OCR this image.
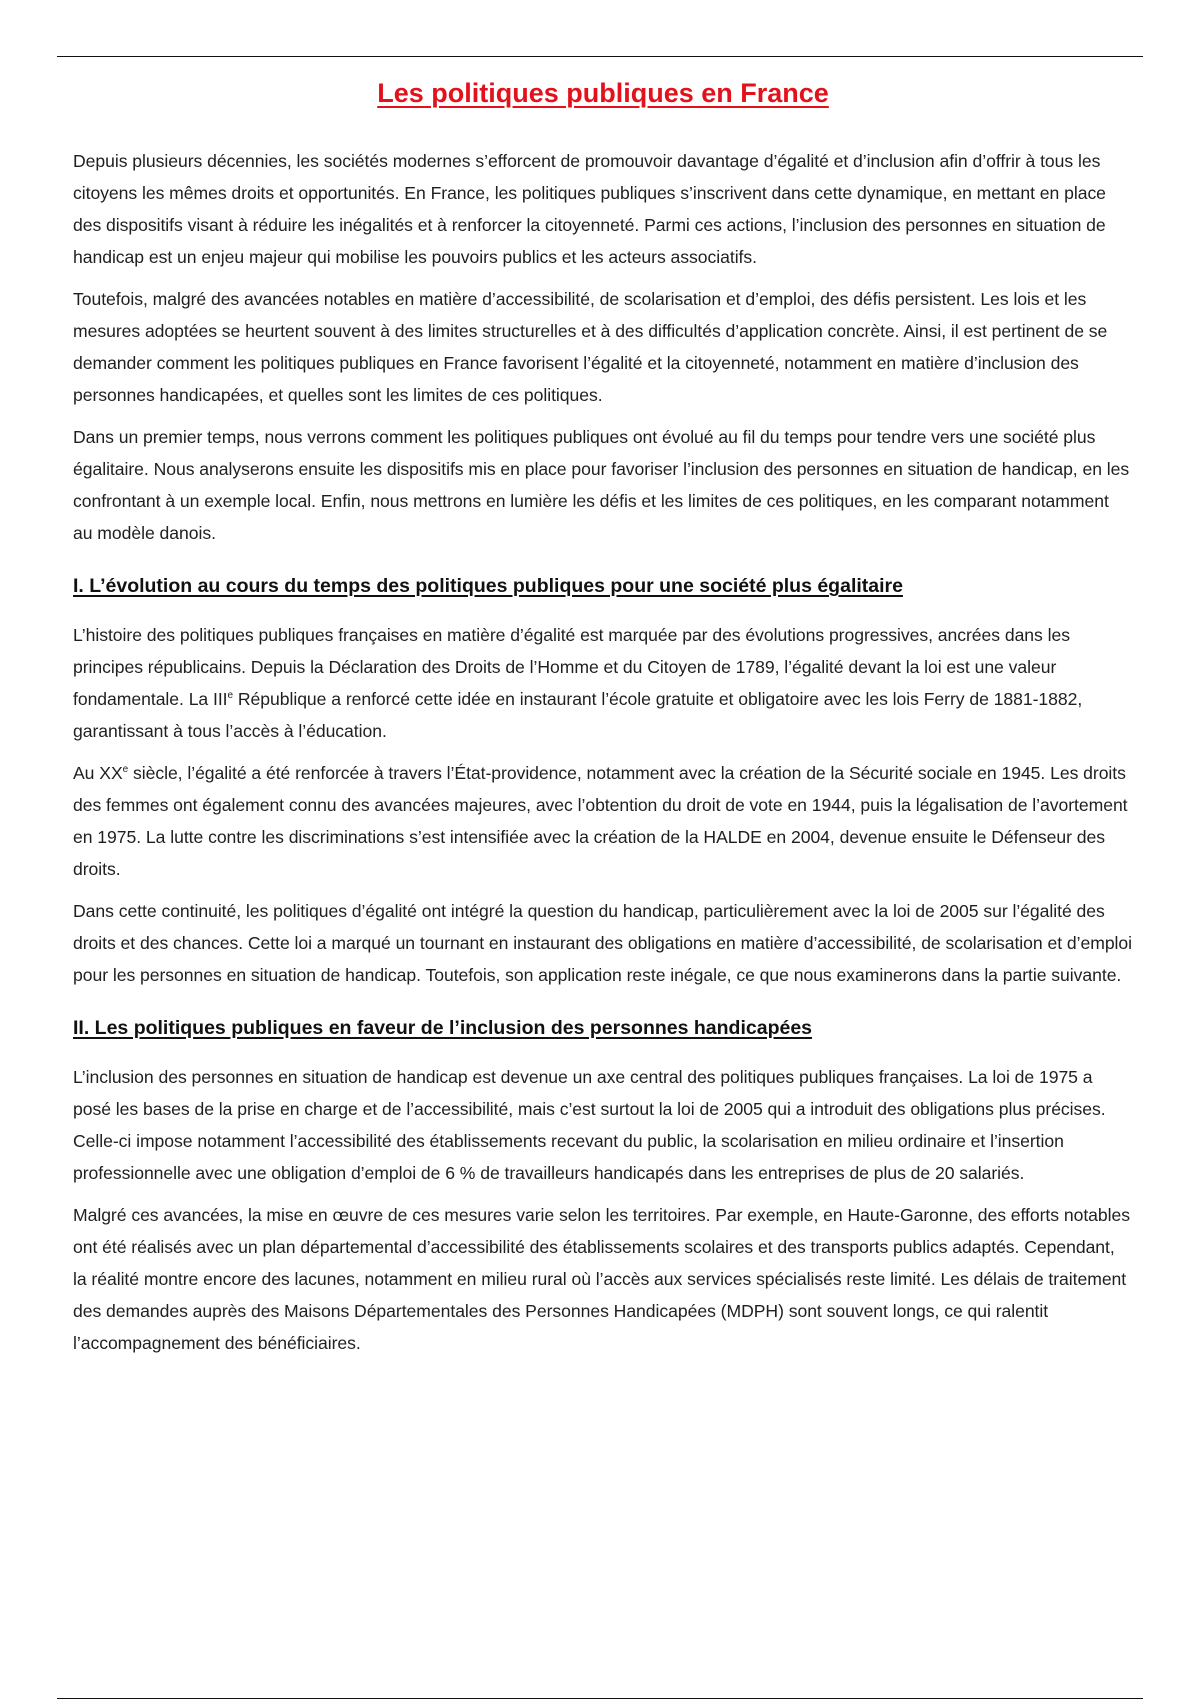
Les politiques publiques en France

Depuis plusieurs décennies, les sociétés modernes s’efforcent de promouvoir davantage d’égalité et d’inclusion afin d’offrir à tous les citoyens les mêmes droits et opportunités. En France, les politiques publiques s’inscrivent dans cette dynamique, en mettant en place des dispositifs visant à réduire les inégalités et à renforcer la citoyenneté. Parmi ces actions, l’inclusion des personnes en situation de handicap est un enjeu majeur qui mobilise les pouvoirs publics et les acteurs associatifs.

Toutefois, malgré des avancées notables en matière d’accessibilité, de scolarisation et d’emploi, des défis persistent. Les lois et les mesures adoptées se heurtent souvent à des limites structurelles et à des difficultés d’application concrète. Ainsi, il est pertinent de se demander comment les politiques publiques en France favorisent l’égalité et la citoyenneté, notamment en matière d’inclusion des personnes handicapées, et quelles sont les limites de ces politiques.

Dans un premier temps, nous verrons comment les politiques publiques ont évolué au fil du temps pour tendre vers une société plus égalitaire. Nous analyserons ensuite les dispositifs mis en place pour favoriser l’inclusion des personnes en situation de handicap, en les confrontant à un exemple local. Enfin, nous mettrons en lumière les défis et les limites de ces politiques, en les comparant notamment au modèle danois.

I. L’évolution au cours du temps des politiques publiques pour une société plus égalitaire

L’histoire des politiques publiques françaises en matière d’égalité est marquée par des évolutions progressives, ancrées dans les principes républicains. Depuis la Déclaration des Droits de l’Homme et du Citoyen de 1789, l’égalité devant la loi est une valeur fondamentale. La IIIe République a renforcé cette idée en instaurant l’école gratuite et obligatoire avec les lois Ferry de 1881-1882, garantissant à tous l’accès à l’éducation.

Au XXe siècle, l’égalité a été renforcée à travers l’État-providence, notamment avec la création de la Sécurité sociale en 1945. Les droits des femmes ont également connu des avancées majeures, avec l’obtention du droit de vote en 1944, puis la légalisation de l’avortement en 1975. La lutte contre les discriminations s’est intensifiée avec la création de la HALDE en 2004, devenue ensuite le Défenseur des droits.

Dans cette continuité, les politiques d’égalité ont intégré la question du handicap, particulièrement avec la loi de 2005 sur l’égalité des droits et des chances. Cette loi a marqué un tournant en instaurant des obligations en matière d’accessibilité, de scolarisation et d’emploi pour les personnes en situation de handicap. Toutefois, son application reste inégale, ce que nous examinerons dans la partie suivante.

II. Les politiques publiques en faveur de l’inclusion des personnes handicapées

L’inclusion des personnes en situation de handicap est devenue un axe central des politiques publiques françaises. La loi de 1975 a posé les bases de la prise en charge et de l’accessibilité, mais c’est surtout la loi de 2005 qui a introduit des obligations plus précises. Celle-ci impose notamment l’accessibilité des établissements recevant du public, la scolarisation en milieu ordinaire et l’insertion professionnelle avec une obligation d’emploi de 6 % de travailleurs handicapés dans les entreprises de plus de 20 salariés.

Malgré ces avancées, la mise en œuvre de ces mesures varie selon les territoires. Par exemple, en Haute-Garonne, des efforts notables ont été réalisés avec un plan départemental d’accessibilité des établissements scolaires et des transports publics adaptés. Cependant, la réalité montre encore des lacunes, notamment en milieu rural où l’accès aux services spécialisés reste limité. Les délais de traitement des demandes auprès des Maisons Départementales des Personnes Handicapées (MDPH) sont souvent longs, ce qui ralentit l’accompagnement des bénéficiaires.
